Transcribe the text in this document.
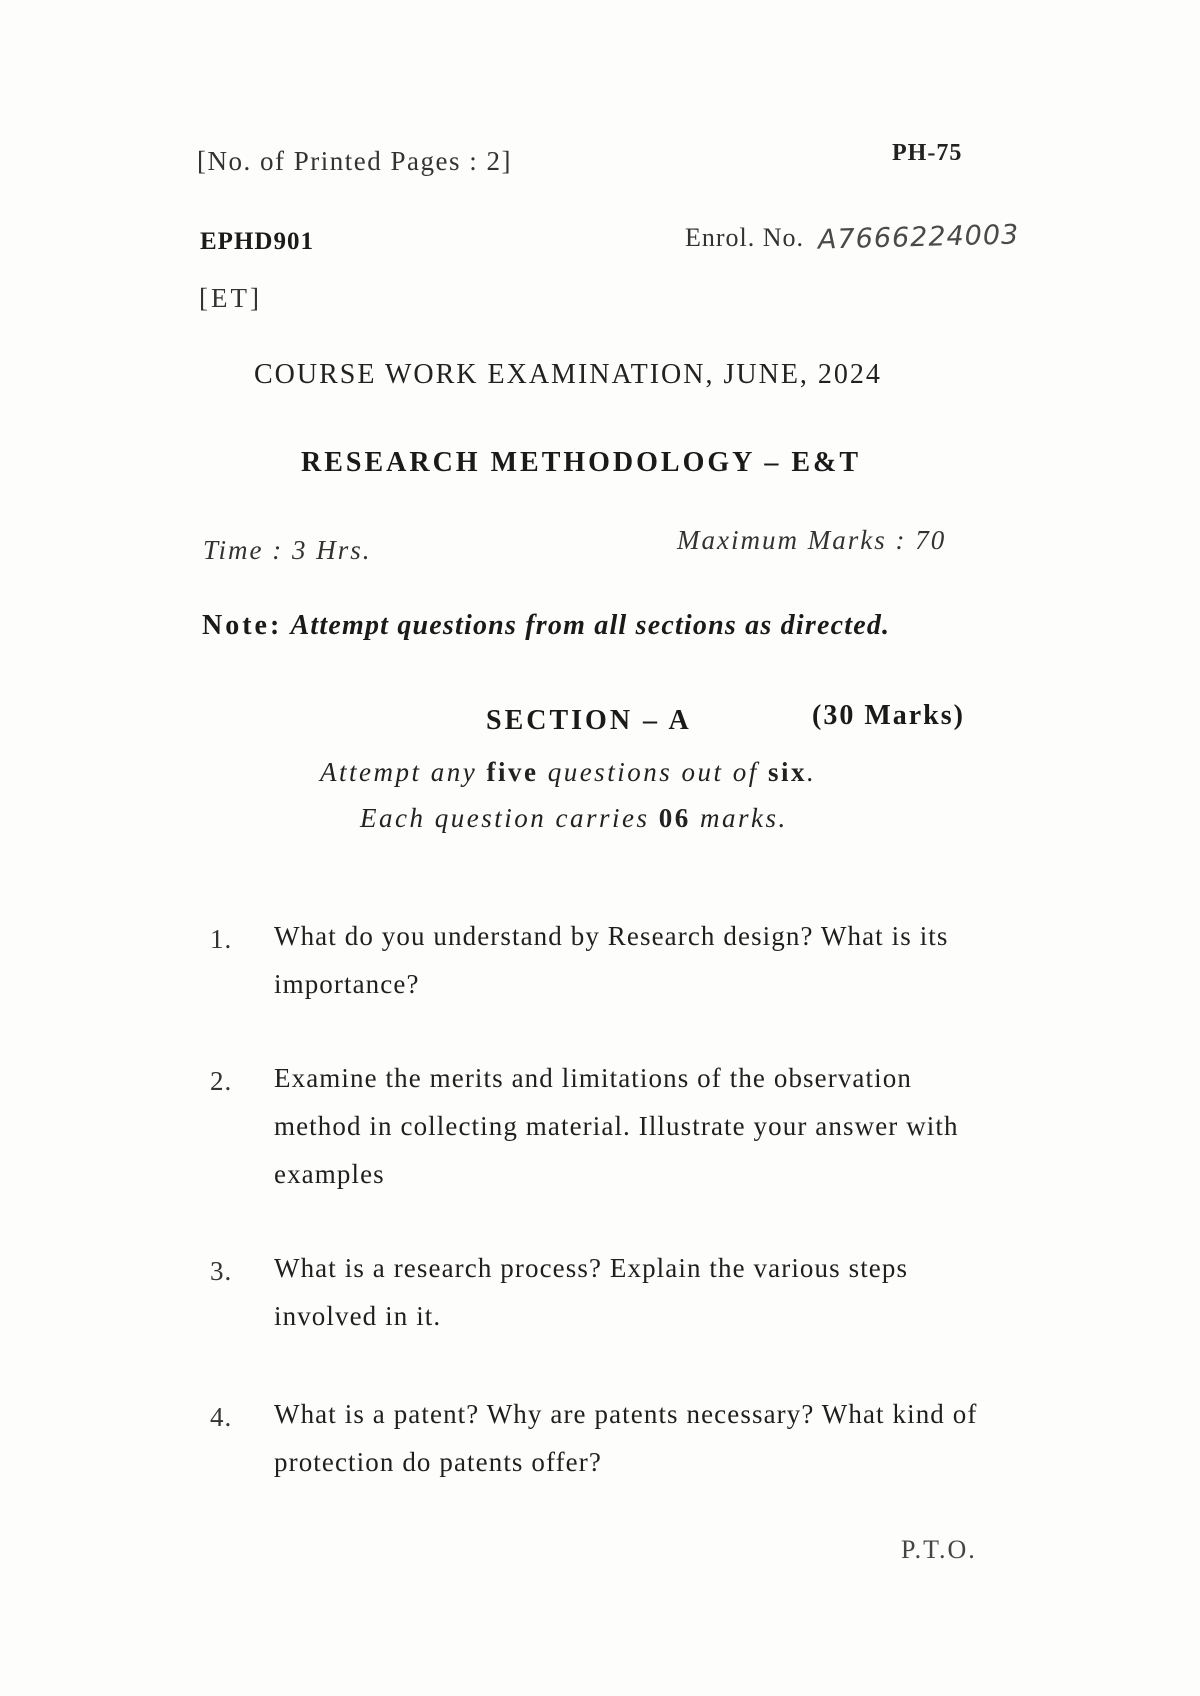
[No. of Printed Pages : 2]	PH-75
EPHD901	Enrol. No. A7666224003
[ET]
COURSE WORK EXAMINATION, JUNE, 2024
RESEARCH METHODOLOGY – E&T
Time : 3 Hrs.	Maximum Marks : 70
Note: Attempt questions from all sections as directed.
SECTION – A	(30 Marks)
Attempt any five questions out of six.
Each question carries 06 marks.
1. What do you understand by Research design? What is its importance?
2. Examine the merits and limitations of the observation method in collecting material. Illustrate your answer with examples
3. What is a research process? Explain the various steps involved in it.
4. What is a patent? Why are patents necessary? What kind of protection do patents offer?
P.T.O.
